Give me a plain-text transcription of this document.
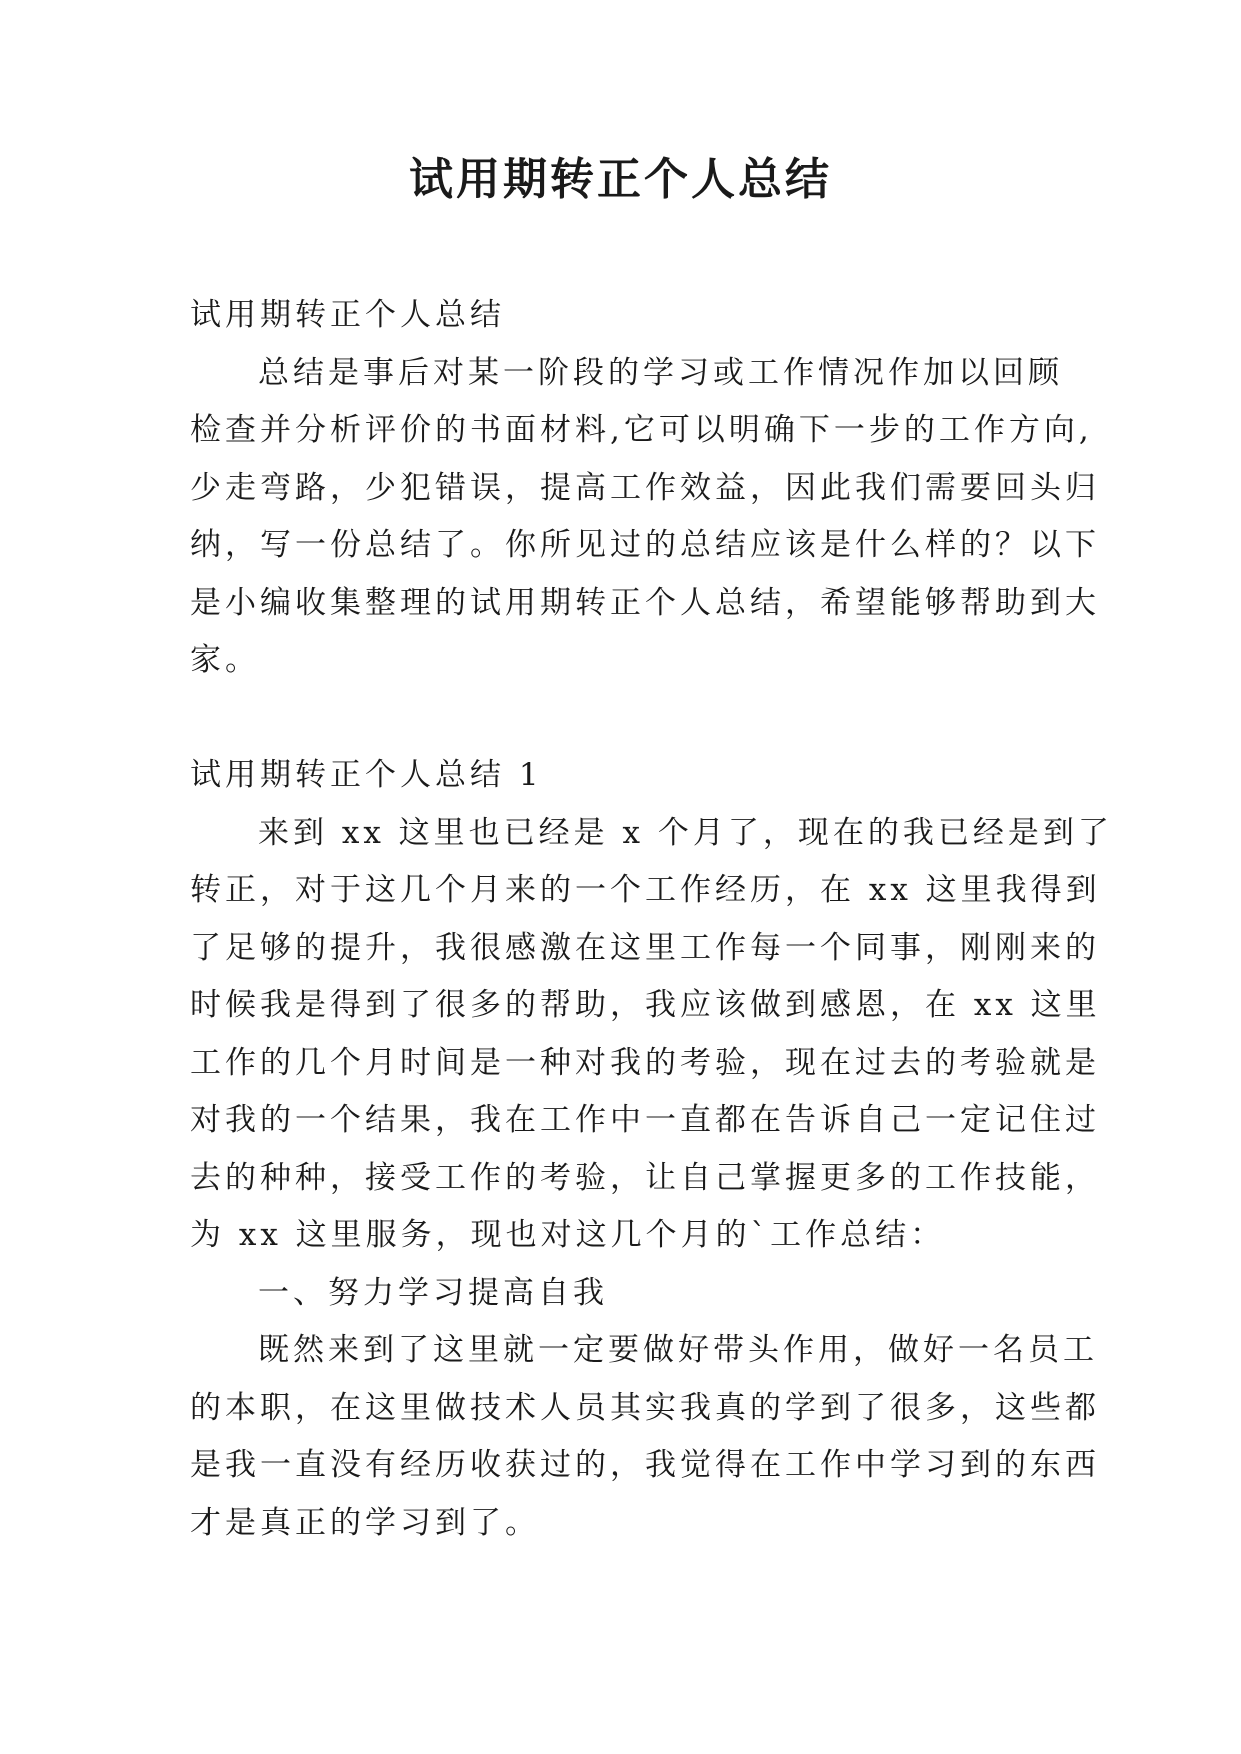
试用期转正个人总结
试用期转正个人总结
总结是事后对某一阶段的学习或工作情况作加以回顾
检查并分析评价的书面材料,它可以明确下一步的工作方向,
少走弯路，少犯错误，提高工作效益，因此我们需要回头归
纳，写一份总结了。你所见过的总结应该是什么样的？以下
是小编收集整理的试用期转正个人总结，希望能够帮助到大
家。
试用期转正个人总结 1
来到 xx 这里也已经是 x 个月了，现在的我已经是到了
转正，对于这几个月来的一个工作经历，在 xx 这里我得到
了足够的提升，我很感激在这里工作每一个同事，刚刚来的
时候我是得到了很多的帮助，我应该做到感恩，在 xx 这里
工作的几个月时间是一种对我的考验，现在过去的考验就是
对我的一个结果，我在工作中一直都在告诉自己一定记住过
去的种种，接受工作的考验，让自己掌握更多的工作技能，
为 xx 这里服务，现也对这几个月的`工作总结：
一、努力学习提高自我
既然来到了这里就一定要做好带头作用，做好一名员工
的本职，在这里做技术人员其实我真的学到了很多，这些都
是我一直没有经历收获过的，我觉得在工作中学习到的东西
才是真正的学习到了。
